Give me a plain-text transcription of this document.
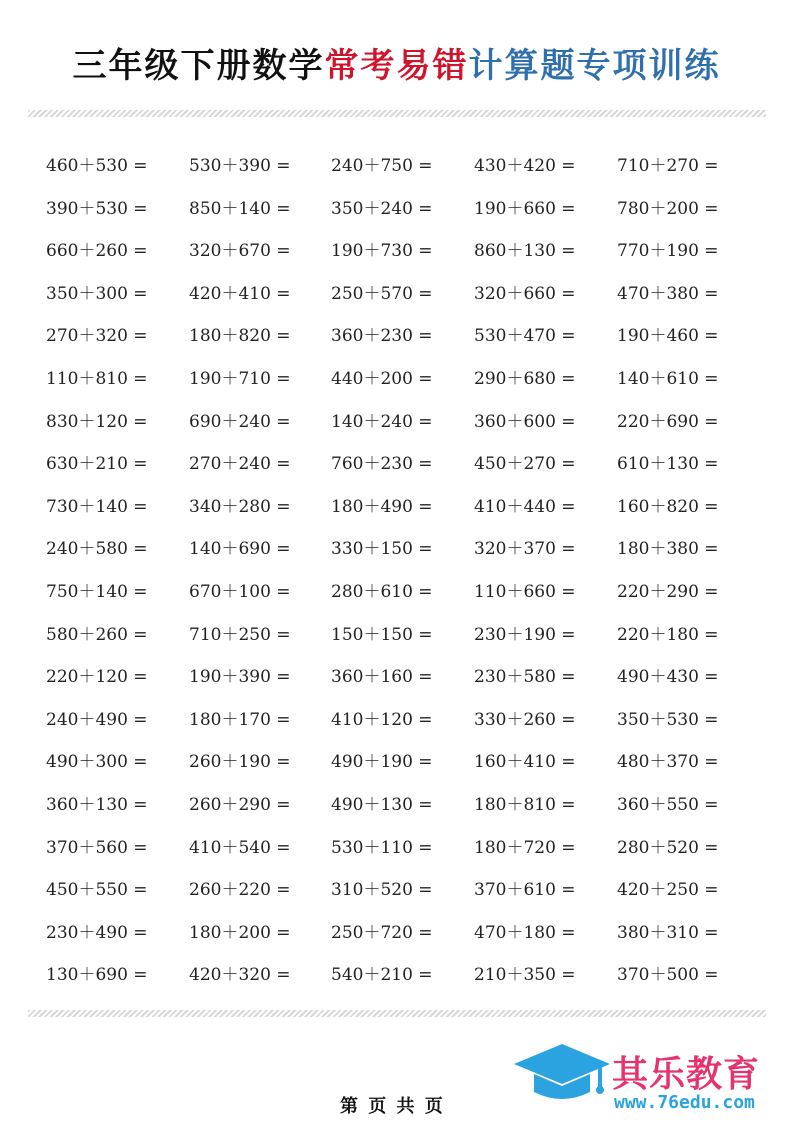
三年级下册数学常考易错计算题专项训练
460＋530 = 530＋390 = 240＋750 = 430＋420 = 710＋270 =
390＋530 = 850＋140 = 350＋240 = 190＋660 = 780＋200 =
660＋260 = 320＋670 = 190＋730 = 860＋130 = 770＋190 =
350＋300 = 420＋410 = 250＋570 = 320＋660 = 470＋380 =
270＋320 = 180＋820 = 360＋230 = 530＋470 = 190＋460 =
110＋810 = 190＋710 = 440＋200 = 290＋680 = 140＋610 =
830＋120 = 690＋240 = 140＋240 = 360＋600 = 220＋690 =
630＋210 = 270＋240 = 760＋230 = 450＋270 = 610＋130 =
730＋140 = 340＋280 = 180＋490 = 410＋440 = 160＋820 =
240＋580 = 140＋690 = 330＋150 = 320＋370 = 180＋380 =
750＋140 = 670＋100 = 280＋610 = 110＋660 = 220＋290 =
580＋260 = 710＋250 = 150＋150 = 230＋190 = 220＋180 =
220＋120 = 190＋390 = 360＋160 = 230＋580 = 490＋430 =
240＋490 = 180＋170 = 410＋120 = 330＋260 = 350＋530 =
490＋300 = 260＋190 = 490＋190 = 160＋410 = 480＋370 =
360＋130 = 260＋290 = 490＋130 = 180＋810 = 360＋550 =
370＋560 = 410＋540 = 530＋110 = 180＋720 = 280＋520 =
450＋550 = 260＋220 = 310＋520 = 370＋610 = 420＋250 =
230＋490 = 180＋200 = 250＋720 = 470＋180 = 380＋310 =
130＋690 = 420＋320 = 540＋210 = 210＋350 = 370＋500 =
第 页 共 页
其乐教育
www.76edu.com
